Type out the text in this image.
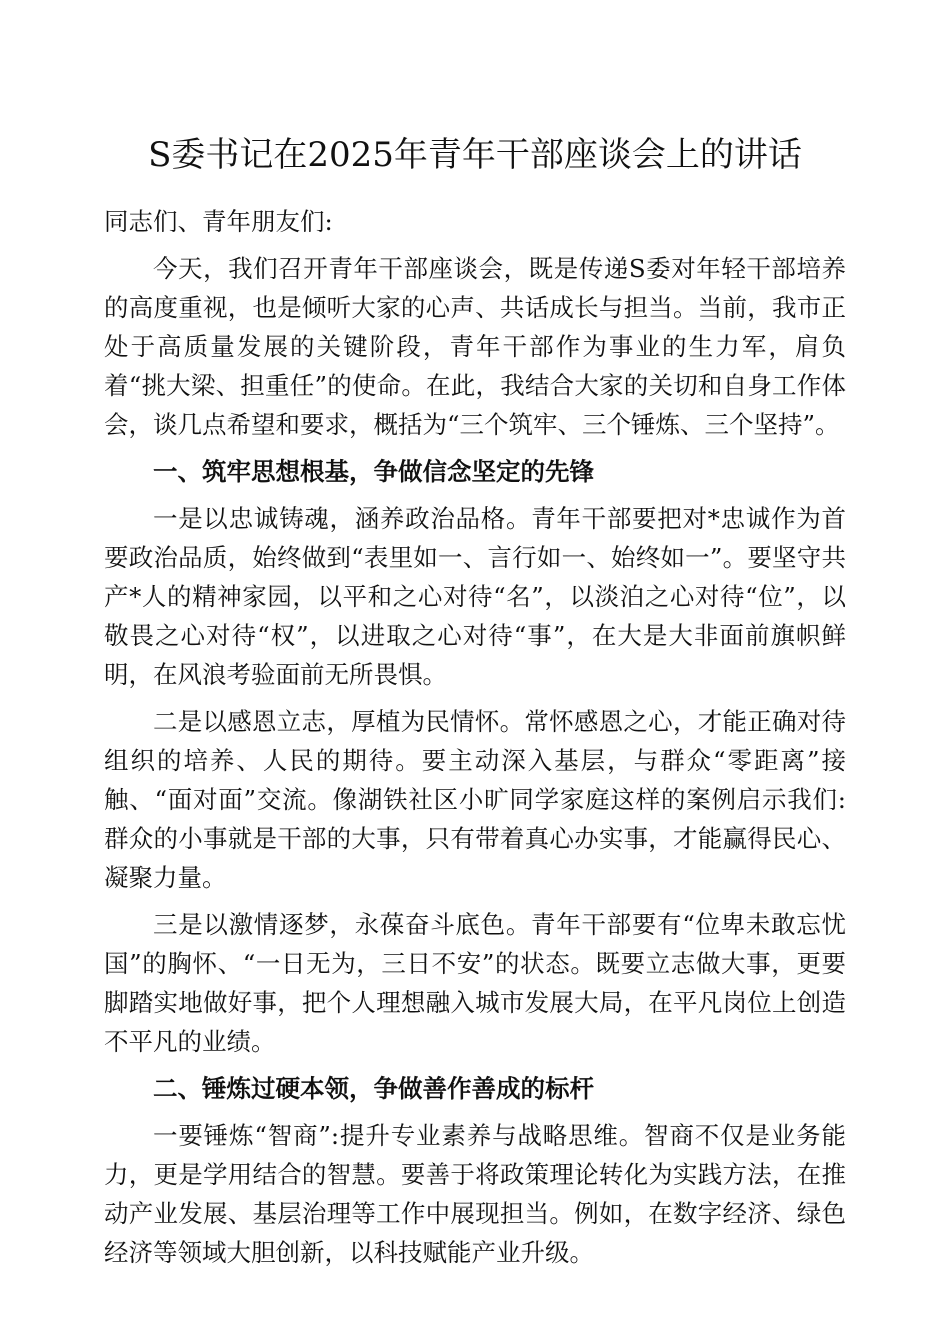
S委书记在2025年青年干部座谈会上的讲话

同志们、青年朋友们:

今天，我们召开青年干部座谈会，既是传递S委对年轻干部培养的高度重视，也是倾听大家的心声、共话成长与担当。当前，我市正处于高质量发展的关键阶段，青年干部作为事业的生力军，肩负着“挑大梁、担重任”的使命。在此，我结合大家的关切和自身工作体会，谈几点希望和要求，概括为“三个筑牢、三个锤炼、三个坚持”。

一、筑牢思想根基，争做信念坚定的先锋

一是以忠诚铸魂，涵养政治品格。青年干部要把对*忠诚作为首要政治品质，始终做到“表里如一、言行如一、始终如一”。要坚守共产*人的精神家园，以平和之心对待“名”，以淡泊之心对待“位”，以敬畏之心对待“权”，以进取之心对待“事”，在大是大非面前旗帜鲜明，在风浪考验面前无所畏惧。

二是以感恩立志，厚植为民情怀。常怀感恩之心，才能正确对待组织的培养、人民的期待。要主动深入基层，与群众“零距离”接触、“面对面”交流。像湖铁社区小旷同学家庭这样的案例启示我们:群众的小事就是干部的大事，只有带着真心办实事，才能赢得民心、凝聚力量。

三是以激情逐梦，永葆奋斗底色。青年干部要有“位卑未敢忘忧国”的胸怀、“一日无为，三日不安”的状态。既要立志做大事，更要脚踏实地做好事，把个人理想融入城市发展大局，在平凡岗位上创造不平凡的业绩。

二、锤炼过硬本领，争做善作善成的标杆

一要锤炼“智商”:提升专业素养与战略思维。智商不仅是业务能力，更是学用结合的智慧。要善于将政策理论转化为实践方法，在推动产业发展、基层治理等工作中展现担当。例如，在数字经济、绿色经济等领域大胆创新，以科技赋能产业升级。
